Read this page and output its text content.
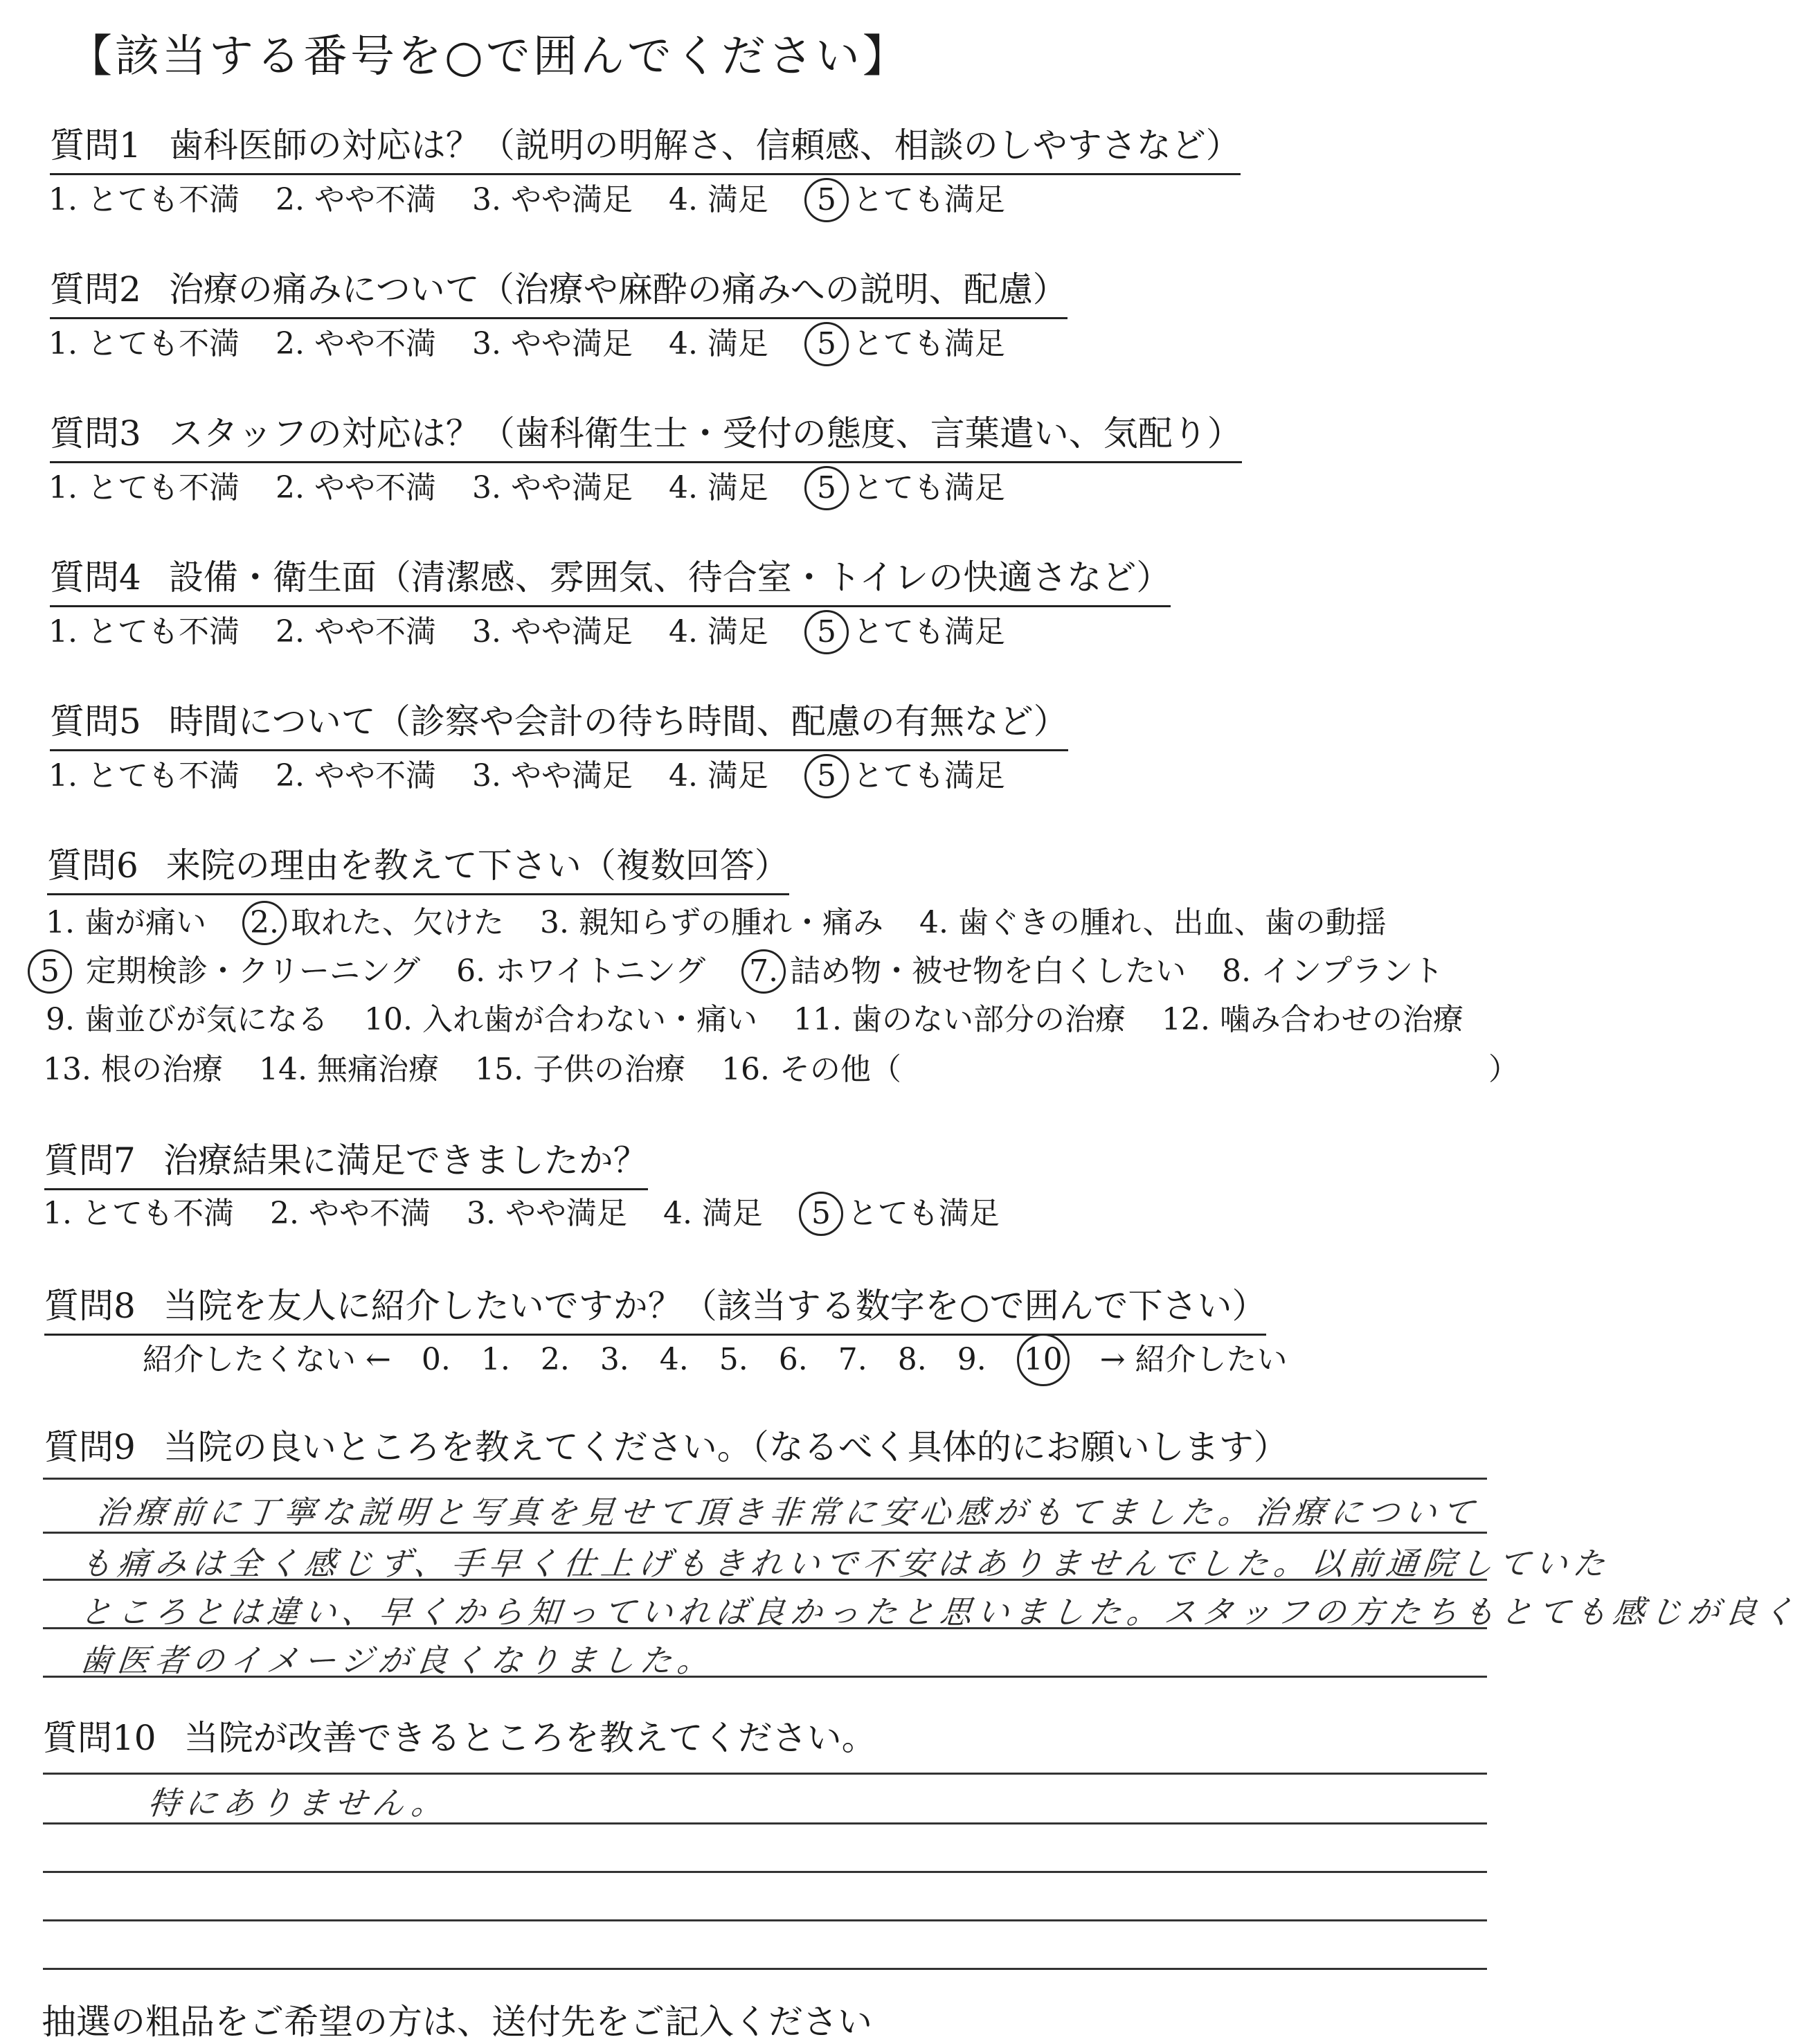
【該当する番号を○で囲んでください】
質問1 歯科医師の対応は？（説明の明解さ、信頼感、相談のしやすさなど）
1. とても不満 2. やや不満 3. やや満足 4. 満足 5 とても満足
質問2 治療の痛みについて（治療や麻酔の痛みへの説明、配慮）
1. とても不満 2. やや不満 3. やや満足 4. 満足 5 とても満足
質問3 スタッフの対応は？（歯科衛生士・受付の態度、言葉遣い、気配り）
1. とても不満 2. やや不満 3. やや満足 4. 満足 5 とても満足
質問4 設備・衛生面（清潔感、雰囲気、待合室・トイレの快適さなど）
1. とても不満 2. やや不満 3. やや満足 4. 満足 5 とても満足
質問5 時間について（診察や会計の待ち時間、配慮の有無など）
1. とても不満 2. やや不満 3. やや満足 4. 満足 5 とても満足
質問6 来院の理由を教えて下さい（複数回答）
1. 歯が痛い 2. 取れた、欠けた 3. 親知らずの腫れ・痛み 4. 歯ぐきの腫れ、出血、歯の動揺
5 定期検診・クリーニング 6. ホワイトニング 7. 詰め物・被せ物を白くしたい 8. インプラント
9. 歯並びが気になる 10. 入れ歯が合わない・痛い 11. 歯のない部分の治療 12. 噛み合わせの治療
13. 根の治療 14. 無痛治療 15. 子供の治療 16. その他（	）
質問7 治療結果に満足できましたか？
1. とても不満 2. やや不満 3. やや満足 4. 満足 5 とても満足
質問8 当院を友人に紹介したいですか？（該当する数字を○で囲んで下さい）
紹介したくない ← 0. 1. 2. 3. 4. 5. 6. 7. 8. 9. 10 → 紹介したい
質問9 当院の良いところを教えてください。（なるべく具体的にお願いします）
治療前に丁寧な説明と写真を見せて頂き非常に安心感がもてました。治療について
も痛みは全く感じず、手早く仕上げもきれいで不安はありませんでした。以前通院していた
ところとは違い、早くから知っていれば良かったと思いました。スタッフの方たちもとても感じが良く
歯医者のイメージが良くなりました。
質問10 当院が改善できるところを教えてください。
特にありません。
抽選の粗品をご希望の方は、送付先をご記入ください
